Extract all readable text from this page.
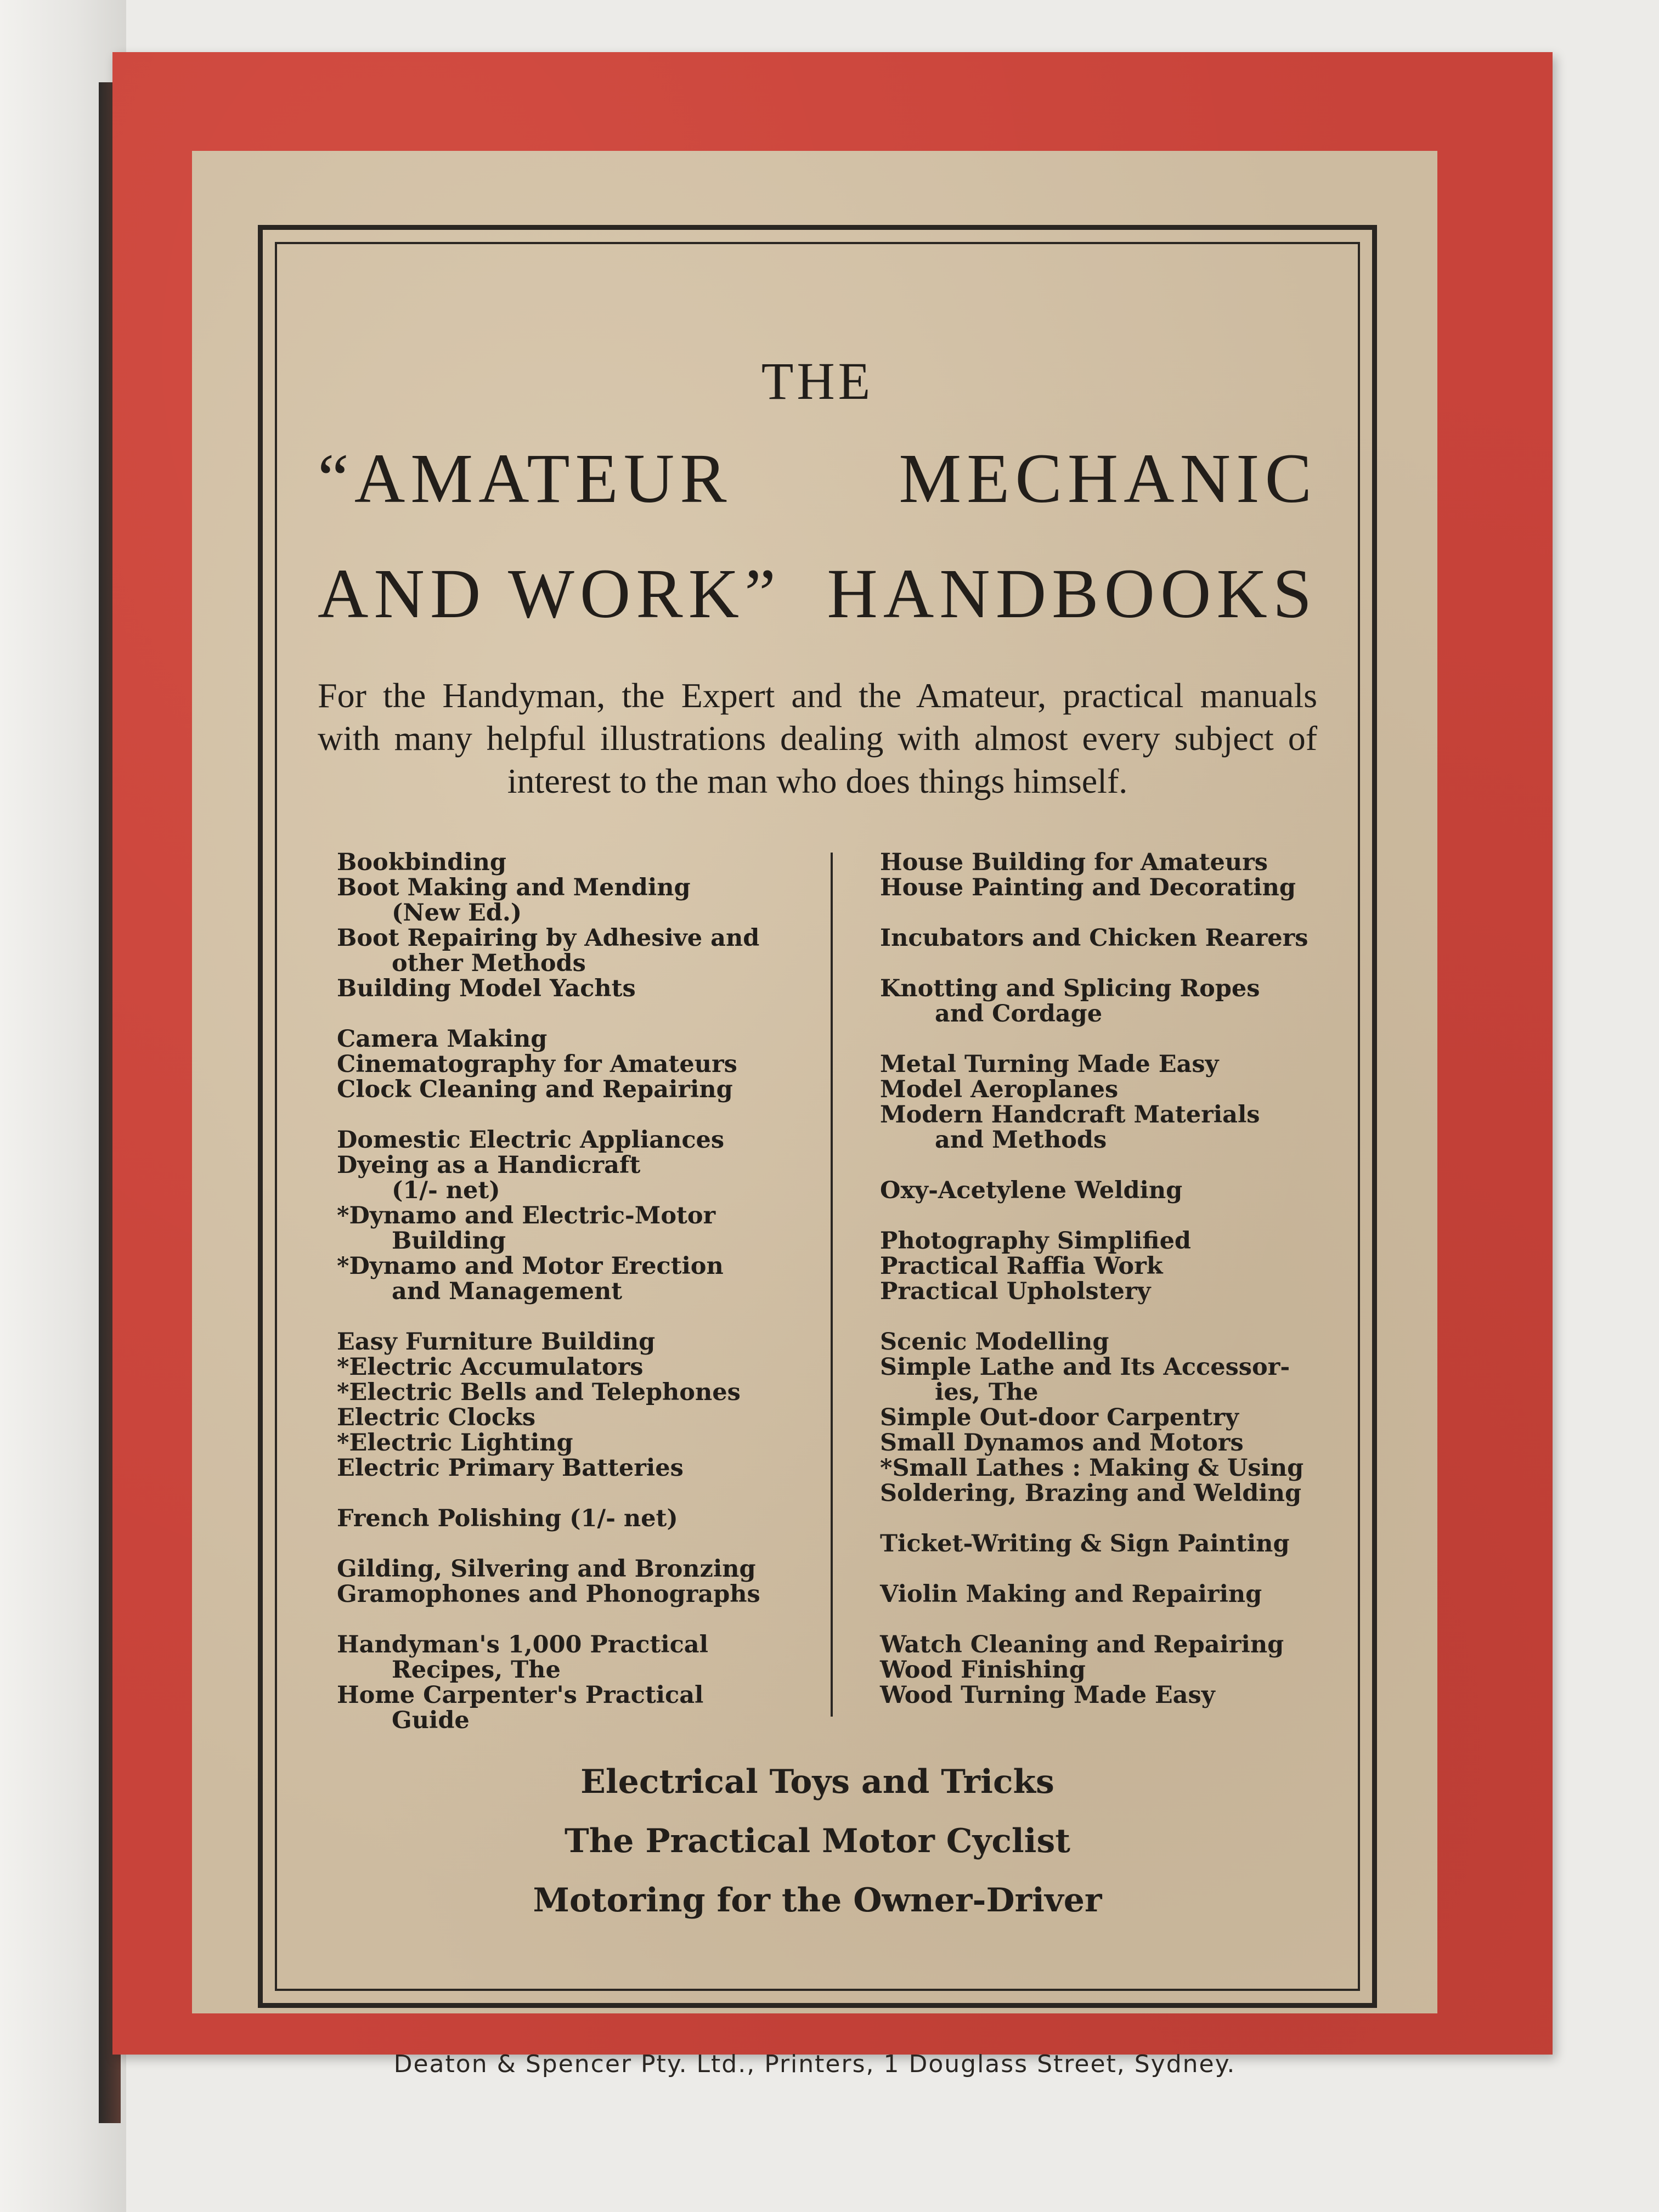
THE
“AMATEUR MECHANIC
AND WORK” HANDBOOKS
For the Handyman, the Expert and the Amateur, practical manuals with many helpful illustrations dealing with almost every subject of interest to the man who does things himself.
Bookbinding
Boot Making and Mending
(New Ed.)
Boot Repairing by Adhesive and
other Methods
Building Model Yachts
Camera Making
Cinematography for Amateurs
Clock Cleaning and Repairing
Domestic Electric Appliances
Dyeing as a Handicraft
(1/- net)
*Dynamo and Electric-Motor
Building
*Dynamo and Motor Erection
and Management
Easy Furniture Building
*Electric Accumulators
*Electric Bells and Telephones
Electric Clocks
*Electric Lighting
Electric Primary Batteries
French Polishing (1/- net)
Gilding, Silvering and Bronzing
Gramophones and Phonographs
Handyman's 1,000 Practical
Recipes, The
Home Carpenter's Practical
Guide
House Building for Amateurs
House Painting and Decorating
Incubators and Chicken Rearers
Knotting and Splicing Ropes
and Cordage
Metal Turning Made Easy
Model Aeroplanes
Modern Handcraft Materials
and Methods
Oxy-Acetylene Welding
Photography Simplified
Practical Raffia Work
Practical Upholstery
Scenic Modelling
Simple Lathe and Its Accessor-
ies, The
Simple Out-door Carpentry
Small Dynamos and Motors
*Small Lathes : Making & Using
Soldering, Brazing and Welding
Ticket-Writing & Sign Painting
Violin Making and Repairing
Watch Cleaning and Repairing
Wood Finishing
Wood Turning Made Easy
Electrical Toys and Tricks
The Practical Motor Cyclist
Motoring for the Owner-Driver
Deaton & Spencer Pty. Ltd., Printers, 1 Douglass Street, Sydney.
